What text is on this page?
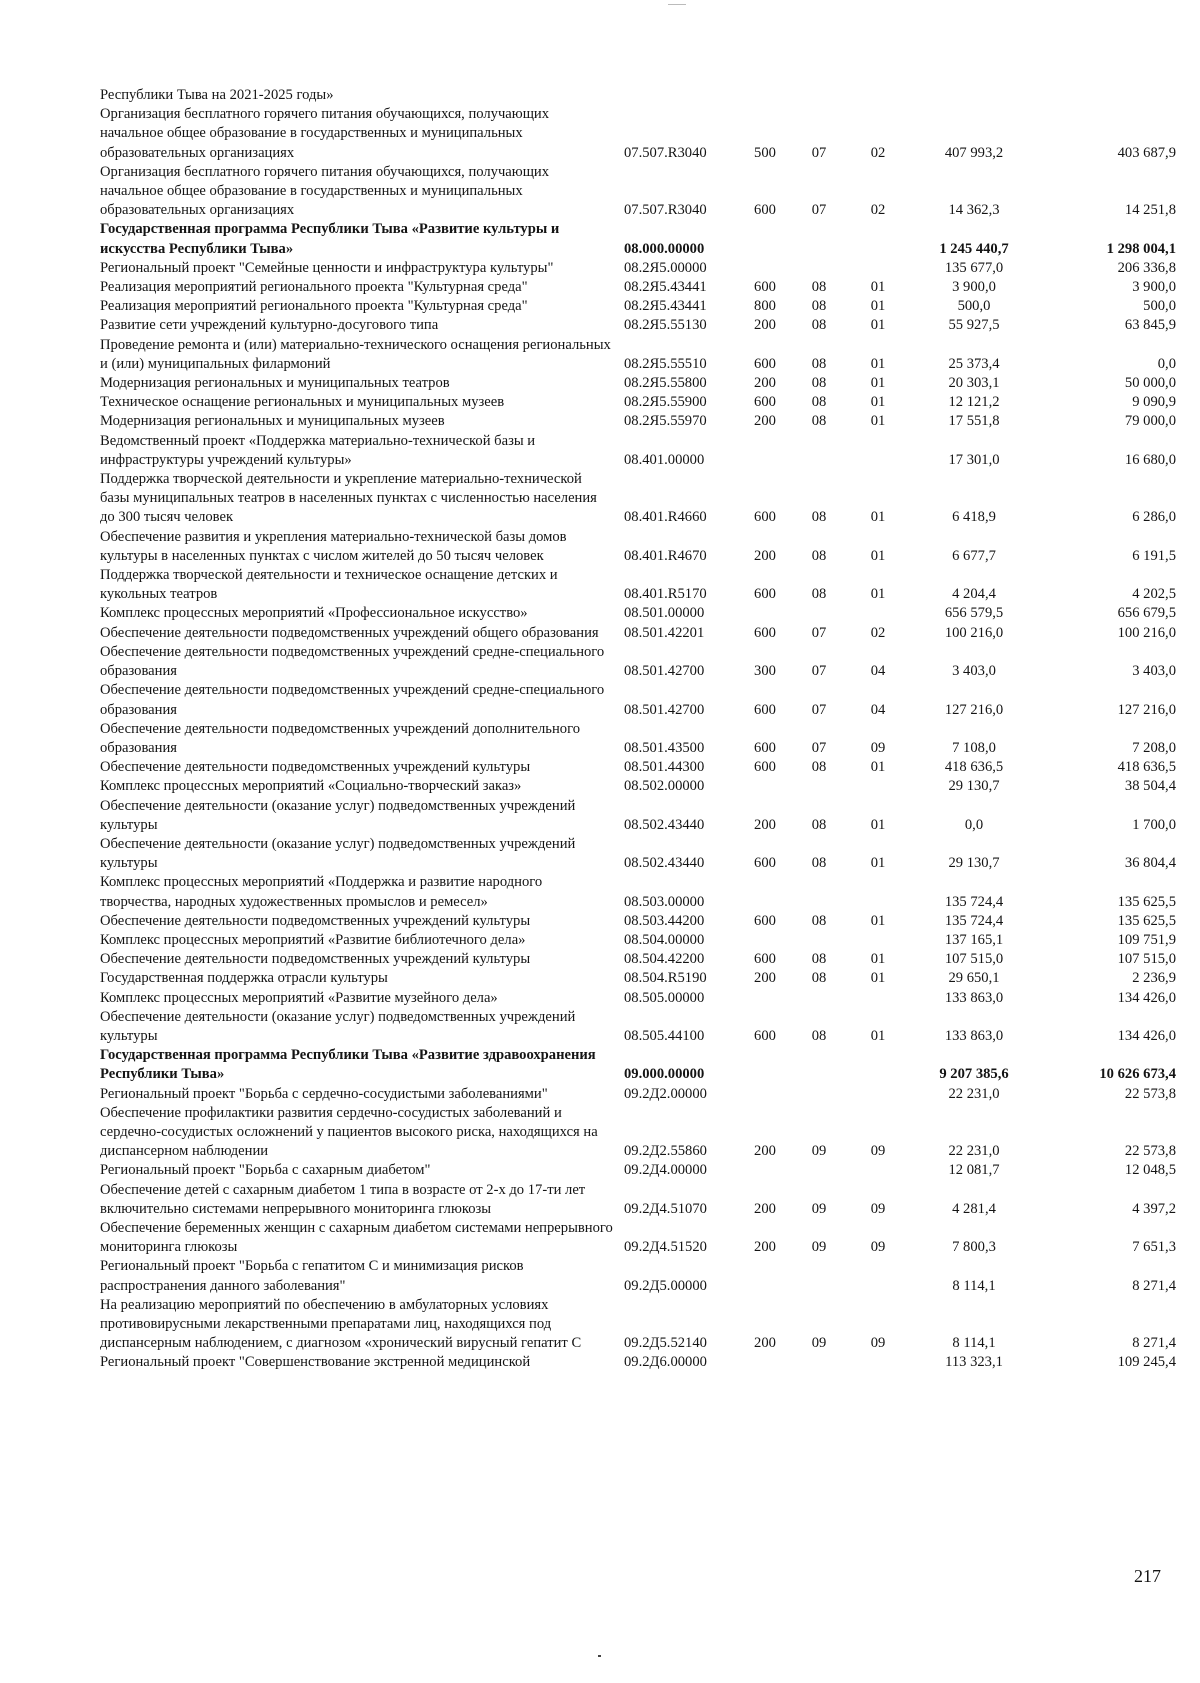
Республики Тыва на 2021-2025 годы»						
Организация бесплатного горячего питания обучающихся, получающих начальное общее образование в государственных и муниципальных образовательных организациях	07.507.R3040	500	07	02	407 993,2	403 687,9
Организация бесплатного горячего питания обучающихся, получающих начальное общее образование в государственных и муниципальных образовательных организациях	07.507.R3040	600	07	02	14 362,3	14 251,8
Государственная программа Республики Тыва «Развитие культуры и искусства Республики Тыва»	08.000.00000				1 245 440,7	1 298 004,1
Региональный проект "Семейные ценности и инфраструктура культуры"	08.2Я5.00000				135 677,0	206 336,8
Реализация мероприятий регионального проекта "Культурная среда"	08.2Я5.43441	600	08	01	3 900,0	3 900,0
Реализация мероприятий регионального проекта "Культурная среда"	08.2Я5.43441	800	08	01	500,0	500,0
Развитие сети учреждений культурно-досугового типа	08.2Я5.55130	200	08	01	55 927,5	63 845,9
Проведение ремонта и (или) материально-технического оснащения региональных и (или) муниципальных филармоний	08.2Я5.55510	600	08	01	25 373,4	0,0
Модернизация региональных и муниципальных театров	08.2Я5.55800	200	08	01	20 303,1	50 000,0
Техническое оснащение региональных и муниципальных музеев	08.2Я5.55900	600	08	01	12 121,2	9 090,9
Модернизация региональных и муниципальных музеев	08.2Я5.55970	200	08	01	17 551,8	79 000,0
Ведомственный проект «Поддержка материально-технической базы и инфраструктуры учреждений культуры»	08.401.00000				17 301,0	16 680,0
Поддержка творческой деятельности и укрепление материально-технической базы муниципальных театров в населенных пунктах с численностью населения до 300 тысяч человек	08.401.R4660	600	08	01	6 418,9	6 286,0
Обеспечение развития и укрепления материально-технической базы домов культуры в населенных пунктах с числом жителей до 50 тысяч человек	08.401.R4670	200	08	01	6 677,7	6 191,5
Поддержка творческой деятельности и техническое оснащение детских и кукольных театров	08.401.R5170	600	08	01	4 204,4	4 202,5
Комплекс процессных мероприятий «Профессиональное искусство»	08.501.00000				656 579,5	656 679,5
Обеспечение деятельности подведомственных учреждений общего образования	08.501.42201	600	07	02	100 216,0	100 216,0
Обеспечение деятельности подведомственных учреждений средне-специального образования	08.501.42700	300	07	04	3 403,0	3 403,0
Обеспечение деятельности подведомственных учреждений средне-специального образования	08.501.42700	600	07	04	127 216,0	127 216,0
Обеспечение деятельности подведомственных учреждений дополнительного образования	08.501.43500	600	07	09	7 108,0	7 208,0
Обеспечение деятельности подведомственных учреждений культуры	08.501.44300	600	08	01	418 636,5	418 636,5
Комплекс процессных мероприятий «Социально-творческий заказ»	08.502.00000				29 130,7	38 504,4
Обеспечение деятельности (оказание услуг) подведомственных учреждений культуры	08.502.43440	200	08	01	0,0	1 700,0
Обеспечение деятельности (оказание услуг) подведомственных учреждений культуры	08.502.43440	600	08	01	29 130,7	36 804,4
Комплекс процессных мероприятий «Поддержка и развитие народного творчества, народных художественных промыслов и ремесел»	08.503.00000				135 724,4	135 625,5
Обеспечение деятельности подведомственных учреждений культуры	08.503.44200	600	08	01	135 724,4	135 625,5
Комплекс процессных мероприятий «Развитие библиотечного дела»	08.504.00000				137 165,1	109 751,9
Обеспечение деятельности подведомственных учреждений культуры	08.504.42200	600	08	01	107 515,0	107 515,0
Государственная поддержка отрасли культуры	08.504.R5190	200	08	01	29 650,1	2 236,9
Комплекс процессных мероприятий «Развитие музейного дела»	08.505.00000				133 863,0	134 426,0
Обеспечение деятельности (оказание услуг) подведомственных учреждений культуры	08.505.44100	600	08	01	133 863,0	134 426,0
Государственная программа Республики Тыва «Развитие здравоохранения Республики Тыва»	09.000.00000				9 207 385,6	10 626 673,4
Региональный проект "Борьба с сердечно-сосудистыми заболеваниями"	09.2Д2.00000				22 231,0	22 573,8
Обеспечение профилактики развития сердечно-сосудистых заболеваний и сердечно-сосудистых осложнений у пациентов высокого риска, находящихся на диспансерном наблюдении	09.2Д2.55860	200	09	09	22 231,0	22 573,8
Региональный проект "Борьба с сахарным диабетом"	09.2Д4.00000				12 081,7	12 048,5
Обеспечение детей с сахарным диабетом 1 типа в возрасте от 2-х до 17-ти лет включительно системами непрерывного мониторинга глюкозы	09.2Д4.51070	200	09	09	4 281,4	4 397,2
Обеспечение беременных женщин с сахарным диабетом системами непрерывного мониторинга глюкозы	09.2Д4.51520	200	09	09	7 800,3	7 651,3
Региональный проект "Борьба с гепатитом С и минимизация рисков распространения данного заболевания"	09.2Д5.00000				8 114,1	8 271,4
На реализацию мероприятий по обеспечению в амбулаторных условиях противовирусными лекарственными препаратами лиц, находящихся под диспансерным наблюдением, с диагнозом «хронический вирусный гепатит С	09.2Д5.52140	200	09	09	8 114,1	8 271,4
Региональный проект "Совершенствование экстренной медицинской	09.2Д6.00000				113 323,1	109 245,4
217
